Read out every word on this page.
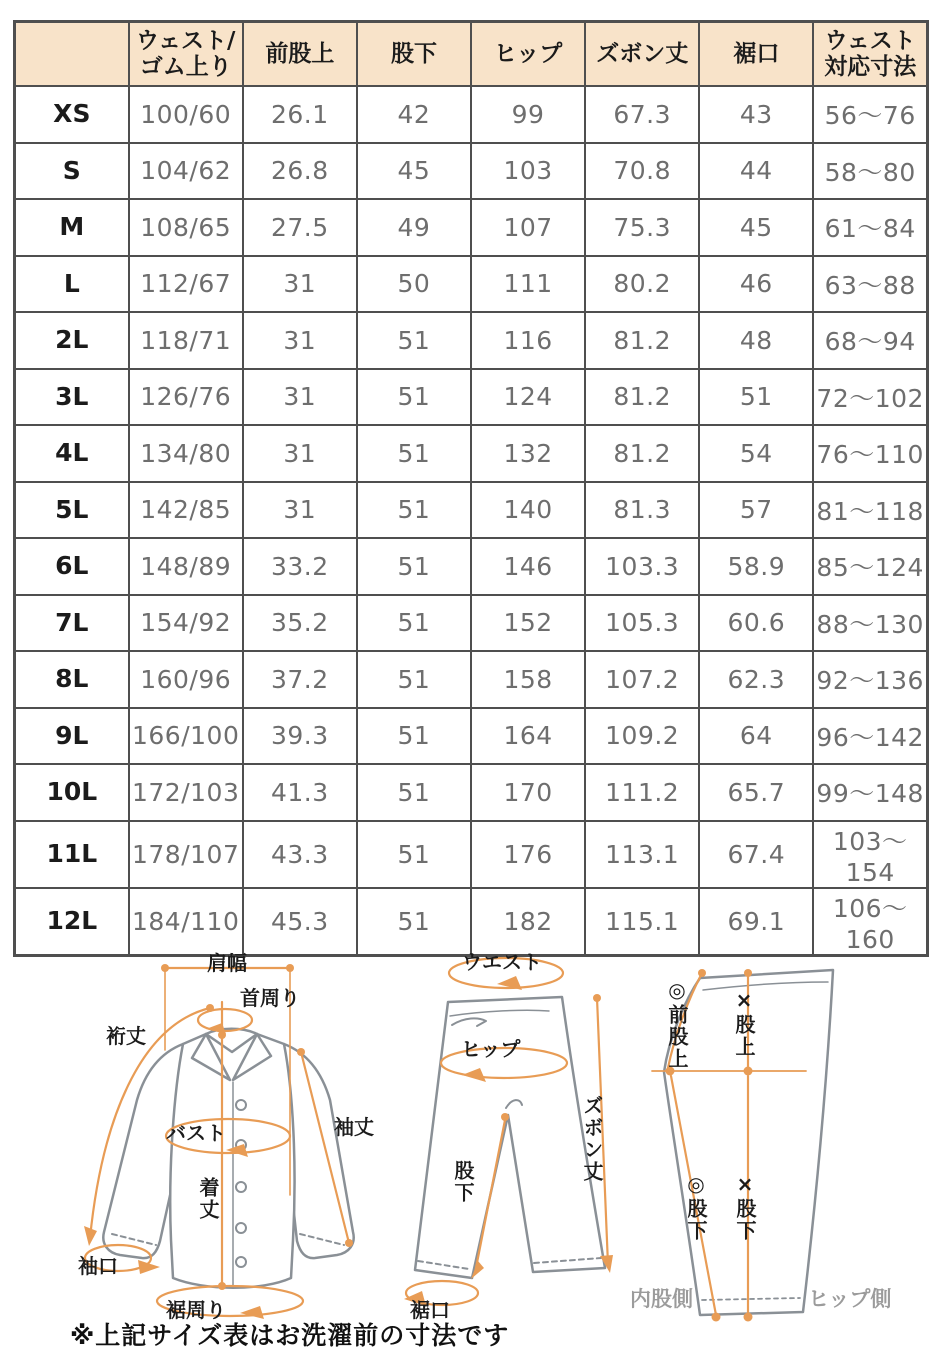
	ウェスト/
ゴム上り	前股上	股下	ヒップ	ズボン丈	裾口	ウェスト
対応寸法
XS	100/60	26.1	42	99	67.3	43	56～76
S	104/62	26.8	45	103	70.8	44	58～80
M	108/65	27.5	49	107	75.3	45	61～84
L	112/67	31	50	111	80.2	46	63～88
2L	118/71	31	51	116	81.2	48	68～94
3L	126/76	31	51	124	81.2	51	72～102
4L	134/80	31	51	132	81.2	54	76～110
5L	142/85	31	51	140	81.3	57	81～118
6L	148/89	33.2	51	146	103.3	58.9	85～124
7L	154/92	35.2	51	152	105.3	60.6	88～130
8L	160/96	37.2	51	158	107.2	62.3	92～136
9L	166/100	39.3	51	164	109.2	64	96～142
10L	172/103	41.3	51	170	111.2	65.7	99～148
11L	178/107	43.3	51	176	113.1	67.4	103～154
12L	184/110	45.3	51	182	115.1	69.1	106～160
肩幅
首周り
裄丈
バスト	袖丈
着丈
袖口
裾周り
ウエスト
ヒップ
ズボン丈
股下
裾口
◎前股上 ×股上
◎股下 ×股下
内股側	ヒップ側
※上記サイズ表はお洗濯前の寸法です
